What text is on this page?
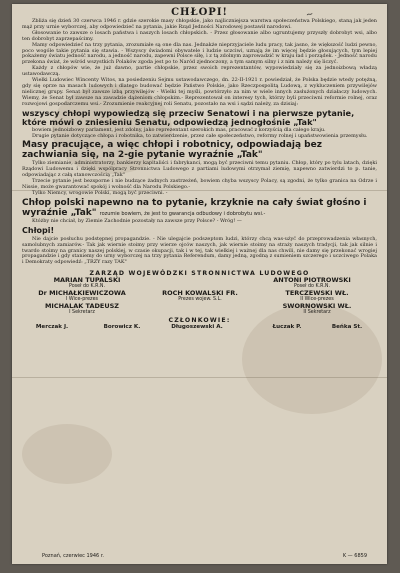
CHŁOPI!

Zbliża się dzień 30 czerwca 1946 r. gdzie szerokie masy chłopskie, jako najliczniejsza warstwa społeczeństwa Polskiego, staną jak jeden mąż przy urnie wyborczej, aby odpowiedzieć na pytania, jakie Rząd Jedności Narodowej postawił narodowi.

Głosowanie to zawsze o losach państwa i naszych losach chłopskich. - Przez głosowanie albo ugruntujemy przyszły dobrobyt wsi, albo ten dobrobyt zaprzepaścimy.

Mamy odpowiedzieć na trzy pytania, zrozumiałe są one dla nas. Jednakże nieprzyjaciele ludu pracy, tak jasno, że większość ludzi pewno, poco wogóle takie pytania się stawia. - Wszyscy świadomi obywatele i ludzie uczciwi, uznają że im więcej będzie głosujących, tym lepiej pokażemy światu jedność narodu, a jedność narodu, zapewni Polsce siłę, i z tą zdolnym zaprowadzić w kraju ład i porządek. - Jedność narodu przekona świat, że wśród wszystkich Polaków zgoda jest po to Naród zjednoczony, a tym samym silny i z nim należy się liczyć.

Każdy z chłopów wie, że już dawno, partie chłopskie, przez swoich reprezentantów, wypowiedziały się za jednoizbową władzą ustawodawczą.

Wielki Ludowiec Wincenty Witos, na posiedzeniu Sejmu ustawodawczego, dn. 22-II-1921 r. powiedział, że Polska będzie wtedy potężną, gdy się oprze na masach ludowych i dlatego budować będzie Państwo Polskie, jako Rzeczpospolitą Ludową, z wykluczeniem przywilejów nielicznej grupy. Senat był zawsze izbą przywilejów - Wielki tej myśli, powtórzyło za nim w wiele innych zasłużonych działaczy ludowych. Wiemy, że Senat był zawsze na zawadzie dążeniom chłopskim.- Reprezentował on interesy tych, którzy byli przeciwni reformie rolnej, oraz rozwojowi gospodarczemu wsi.- Zrozumienie reakcyjnej roli Senatu, pozostało na wsi i sądzi należy, za dzisiaj:

wszyscy chłopi wypowiedzą się przeciw Senatowi i na pierwsze pytanie, które mówi o zniesieniu Senatu, odpowiedzą jednogłośnie „Tak"

bowiem jednoizbowy parlament, jest zdolny, jako reprezentant szerokich mas, pracować z korzyścią dla całego kraju.

Drugie pytanie dotyczące chłopa i robotnika, to zatwierdzenie, przez całe społeczeństwo, reformy rolnej i upaństwowienia przemysłu.

Masy pracujące, a więc chłopi i robotnicy, odpowiadają bez zachwiania się, na 2-gie pytanie wyraźnie „Tak"

Tylko ziemianie, administratorzy, bankierzy kapitaliści i fabrykanci, mogą być przeciwni temu pytaniu. Chłop, który po tylu latach, dzięki Rządowi Ludowemu i dzięki wspólpracy Stronnictwa Ludowego z partiami ludowymi otrzymał ziemię, napewno zatwierdzi to p. tanie, odpowiadając z całą stanowczością „Tak"

Trzecie pytanie jest bezsporne i nie budzące żadnych zastrzeżeń, bowiem chyba wszyscy Polacy, są zgodni, że tylko granica na Odrze i Nissie, może gwarantować spokój i wolność dla Narodu Polskiego.-

Tylko Niemcy, wrogowie Polski, mogą być przeciwni. -

Chłop polski napewno na to pytanie, krzyknie na cały świat głośno i wyraźnie „Tak" rozumie bowiem, że jest to gwarancja odbudowy i dobrobytu wsi.-

Któżby nie chciał, by Ziemie Zachodnie pozostały na zawsze przy Polsce? - Wróg! —

Chłopi!

Nie dajcie posłuchu podstępnej propagandzie. - Nie ulegajcie podszeptom ludzi, którzy chcą was-użyć do przeprowadzenia własnych, samolubnych zamiarów.- Tak jak wiernie stoimy przy wierze ojców naszych, jak wiernie stoimy na straży naszych tradycji, tak jak silnie i twardo stoimy na granicy naszej polskiej, w czasie okupacji, tak i w tej, tak wielkiej i ważnej dla nas chwili, nie damy się przekonać wrogiej propagandzie i gdy staniemy do urny wyborczej na trzy pytania Referendum, damy jedną, zgodną z sumieniem szczerego i uczciwego Polaka i Demokraty odpowiedź: „TRZY razy TAK"

ZARZĄD WOJEWÓDZKI STRONNICTWA LUDOWEGO
MARIAN TUPALSKI
Poseł do K.R.N.
ANTONI PIOTROWSKI
Poseł do K.R.N.
Dr MICHAŁKIEWICZOWA
I Wice-prezes
ROCH KOWALSKI FR.
Prezes wojew. S.L.
TERCZEWSKI WŁ.
II Wice-prezes
MICHALAK TADEUSZ
I Sekretarz
SWORNOWSKI WŁ.
II Sekretarz
CZŁONKOWIE:
Merczak J.	Borowicz K.	Długoszewski A.	Łuczak P.	Beńka St.
Poznań, czerwiec 1946 r.	K — 6859
~
